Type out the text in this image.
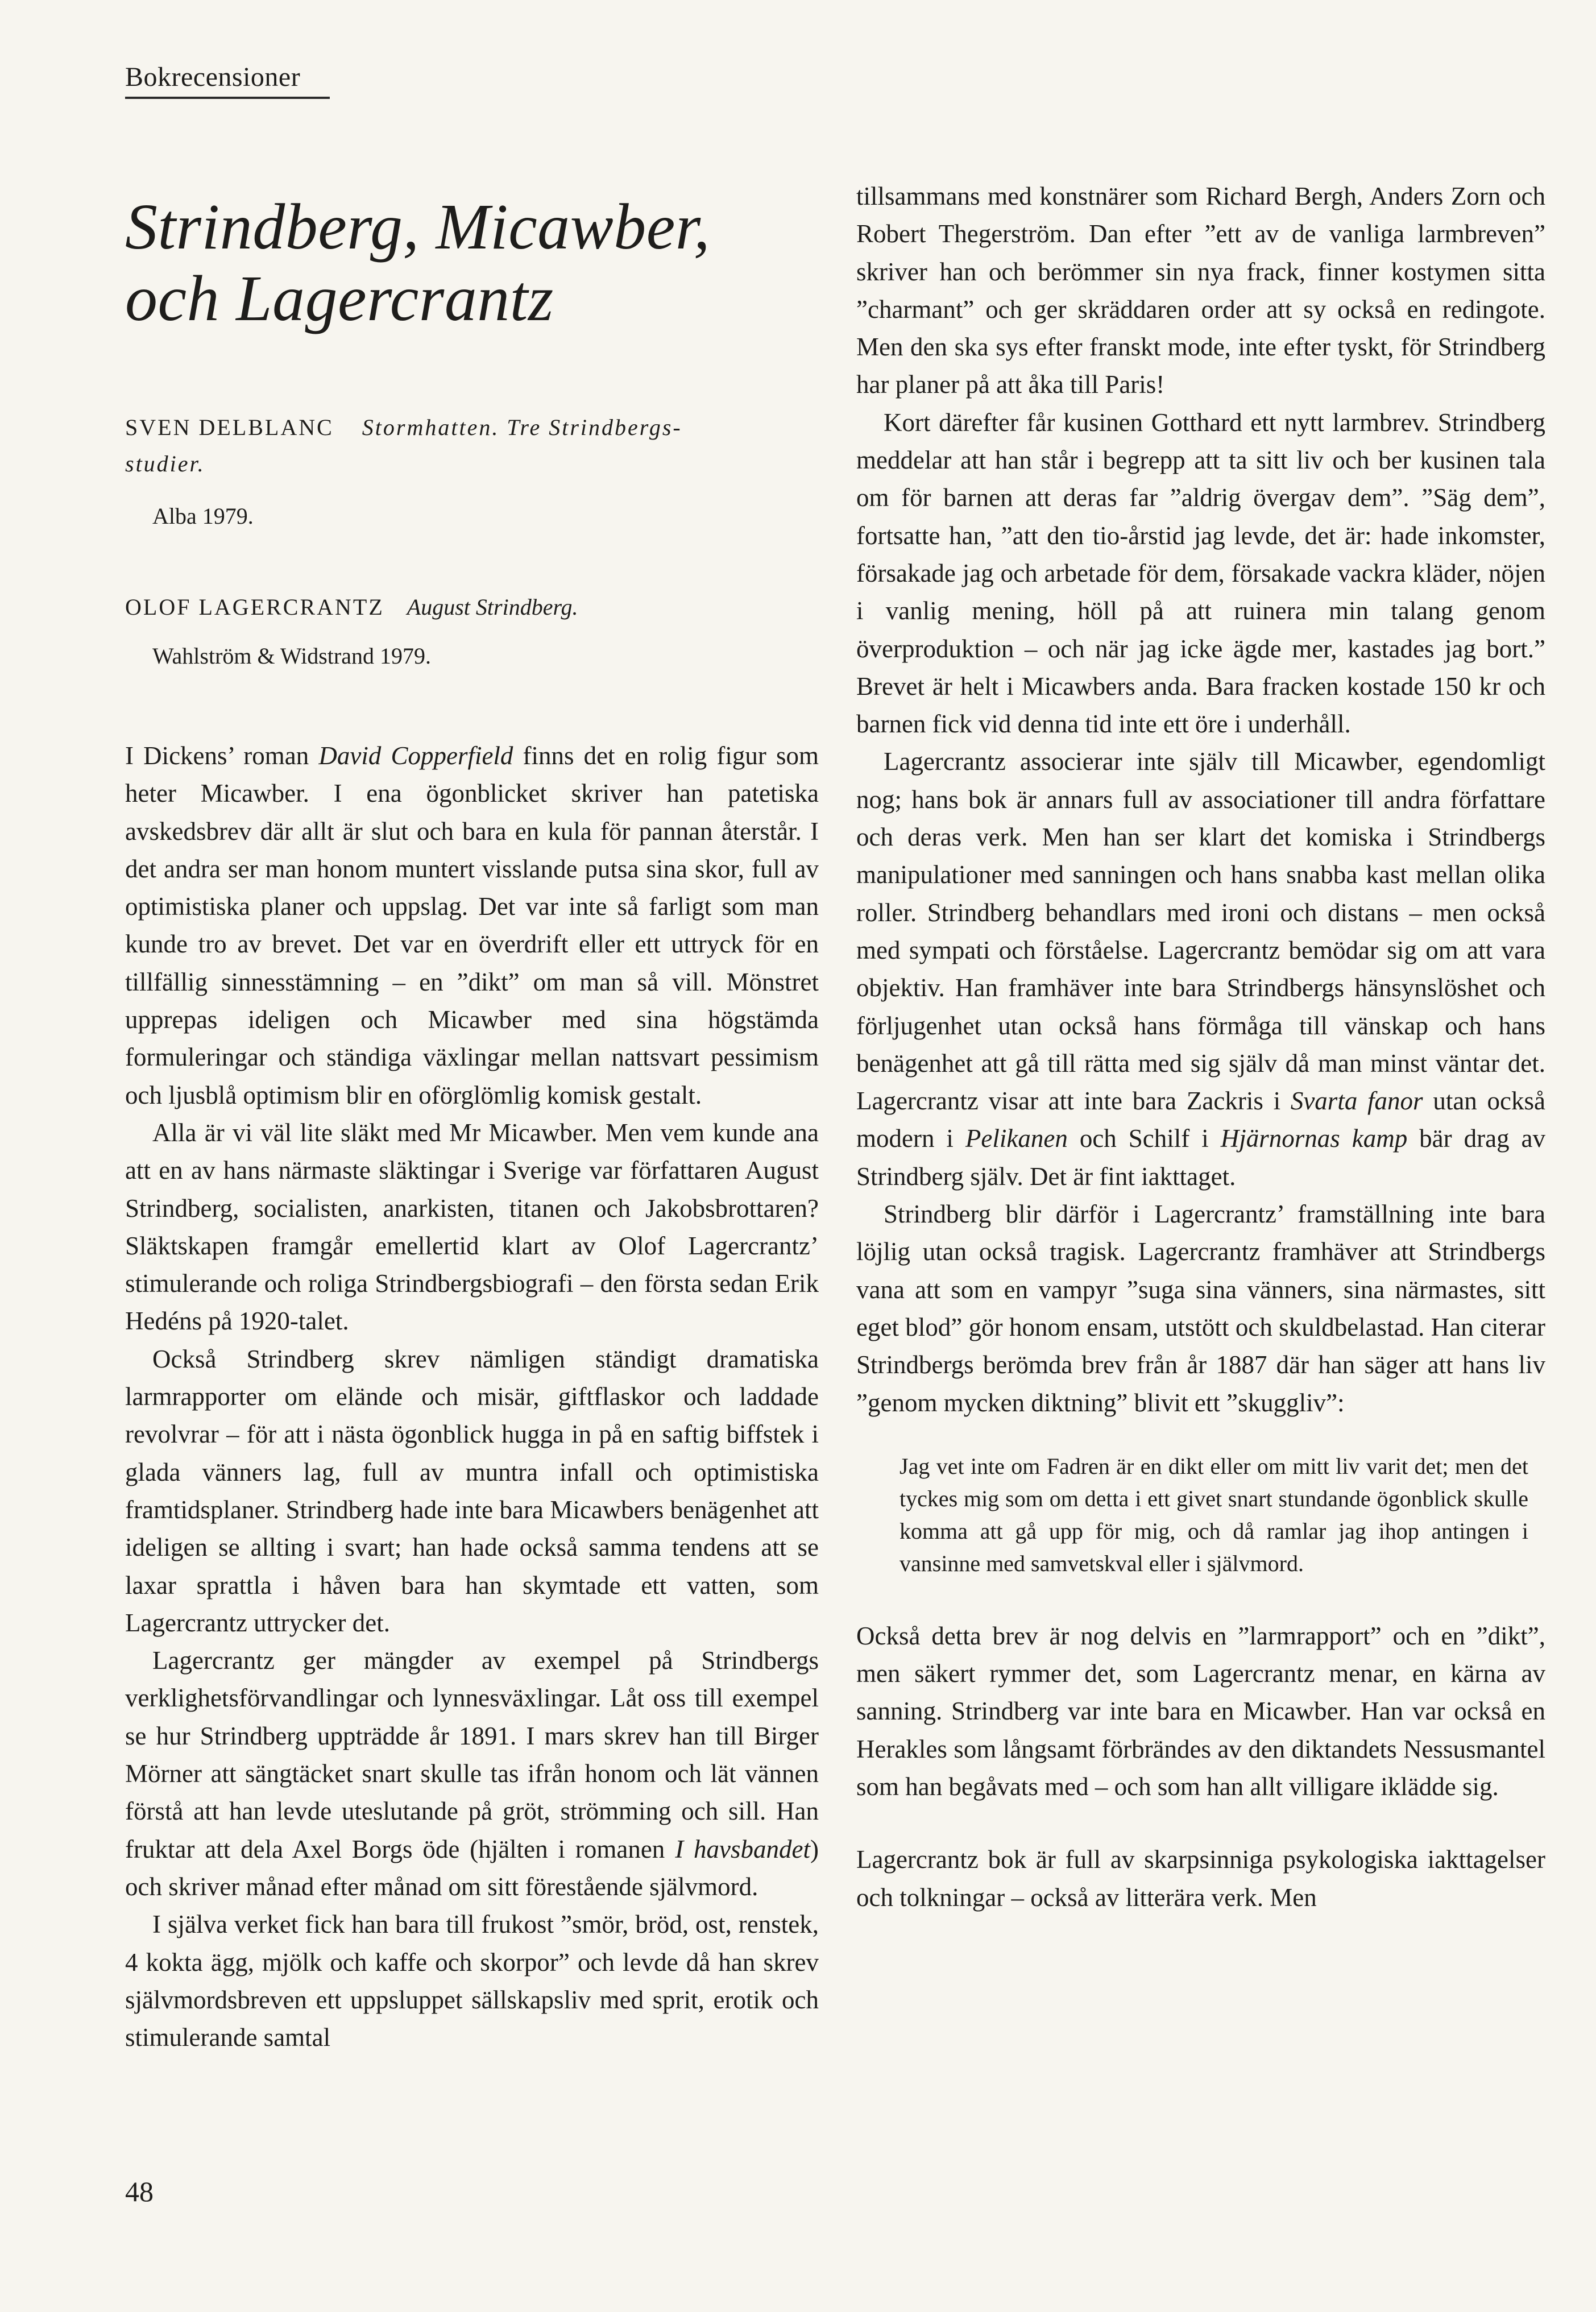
Bokrecensioner
Strindberg, Micawber, och Lagercrantz
SVEN DELBLANC Stormhatten. Tre Strindbergs-
studier.
Alba 1979.
OLOF LAGERCRANTZ August Strindberg.
Wahlström & Widstrand 1979.

I Dickens’ roman David Copperfield finns det en rolig figur som heter Micawber. I ena ögonblicket skriver han patetiska avskedsbrev där allt är slut och bara en kula för pannan återstår. I det andra ser man honom muntert visslande putsa sina skor, full av optimistiska planer och uppslag. Det var inte så farligt som man kunde tro av brevet. Det var en överdrift eller ett uttryck för en tillfällig sinnesstämning – en ”dikt” om man så vill. Mönstret upprepas ideligen och Micawber med sina högstämda formuleringar och ständiga växlingar mellan nattsvart pessimism och ljusblå optimism blir en oförglömlig komisk gestalt.

Alla är vi väl lite släkt med Mr Micawber. Men vem kunde ana att en av hans närmaste släktingar i Sverige var författaren August Strindberg, socialisten, anarkisten, titanen och Jakobsbrottaren? Släktskapen framgår emellertid klart av Olof Lagercrantz’ stimulerande och roliga Strindbergsbiografi – den första sedan Erik Hedéns på 1920-talet.

Också Strindberg skrev nämligen ständigt dramatiska larmrapporter om elände och misär, giftflaskor och laddade revolvrar – för att i nästa ögonblick hugga in på en saftig biffstek i glada vänners lag, full av muntra infall och optimistiska framtidsplaner. Strindberg hade inte bara Micawbers benägenhet att ideligen se allting i svart; han hade också samma tendens att se laxar sprattla i håven bara han skymtade ett vatten, som Lagercrantz uttrycker det.

Lagercrantz ger mängder av exempel på Strindbergs verklighetsförvandlingar och lynnesväxlingar. Låt oss till exempel se hur Strindberg uppträdde år 1891. I mars skrev han till Birger Mörner att sängtäcket snart skulle tas ifrån honom och lät vännen förstå att han levde uteslutande på gröt, strömming och sill. Han fruktar att dela Axel Borgs öde (hjälten i romanen I havsbandet) och skriver månad efter månad om sitt förestående självmord.

I själva verket fick han bara till frukost ”smör, bröd, ost, renstek, 4 kokta ägg, mjölk och kaffe och skorpor” och levde då han skrev självmordsbreven ett uppsluppet sällskapsliv med sprit, erotik och stimulerande samtal

tillsammans med konstnärer som Richard Bergh, Anders Zorn och Robert Thegerström. Dan efter ”ett av de vanliga larmbreven” skriver han och berömmer sin nya frack, finner kostymen sitta ”charmant” och ger skräddaren order att sy också en redingote. Men den ska sys efter franskt mode, inte efter tyskt, för Strindberg har planer på att åka till Paris!

Kort därefter får kusinen Gotthard ett nytt larmbrev. Strindberg meddelar att han står i begrepp att ta sitt liv och ber kusinen tala om för barnen att deras far ”aldrig övergav dem”. ”Säg dem”, fortsatte han, ”att den tio-årstid jag levde, det är: hade inkomster, försakade jag och arbetade för dem, försakade vackra kläder, nöjen i vanlig mening, höll på att ruinera min talang genom överproduktion – och när jag icke ägde mer, kastades jag bort.” Brevet är helt i Micawbers anda. Bara fracken kostade 150 kr och barnen fick vid denna tid inte ett öre i underhåll.

Lagercrantz associerar inte själv till Micawber, egendomligt nog; hans bok är annars full av associationer till andra författare och deras verk. Men han ser klart det komiska i Strindbergs manipulationer med sanningen och hans snabba kast mellan olika roller. Strindberg behandlars med ironi och distans – men också med sympati och förståelse. Lagercrantz bemödar sig om att vara objektiv. Han framhäver inte bara Strindbergs hänsynslöshet och förljugenhet utan också hans förmåga till vänskap och hans benägenhet att gå till rätta med sig själv då man minst väntar det. Lagercrantz visar att inte bara Zackris i Svarta fanor utan också modern i Pelikanen och Schilf i Hjärnornas kamp bär drag av Strindberg själv. Det är fint iakttaget.

Strindberg blir därför i Lagercrantz’ framställning inte bara löjlig utan också tragisk. Lagercrantz framhäver att Strindbergs vana att som en vampyr ”suga sina vänners, sina närmastes, sitt eget blod” gör honom ensam, utstött och skuldbelastad. Han citerar Strindbergs berömda brev från år 1887 där han säger att hans liv ”genom mycken diktning” blivit ett ”skuggliv”:

Jag vet inte om Fadren är en dikt eller om mitt liv varit det; men det tyckes mig som om detta i ett givet snart stundande ögonblick skulle komma att gå upp för mig, och då ramlar jag ihop antingen i vansinne med samvetskval eller i självmord.

Också detta brev är nog delvis en ”larmrapport” och en ”dikt”, men säkert rymmer det, som Lagercrantz menar, en kärna av sanning. Strindberg var inte bara en Micawber. Han var också en Herakles som långsamt förbrändes av den diktandets Nessusmantel som han begåvats med – och som han allt villigare ikläddе sig.

Lagercrantz bok är full av skarpsinniga psykologiska iakttagelser och tolkningar – också av litterära verk. Men

48
